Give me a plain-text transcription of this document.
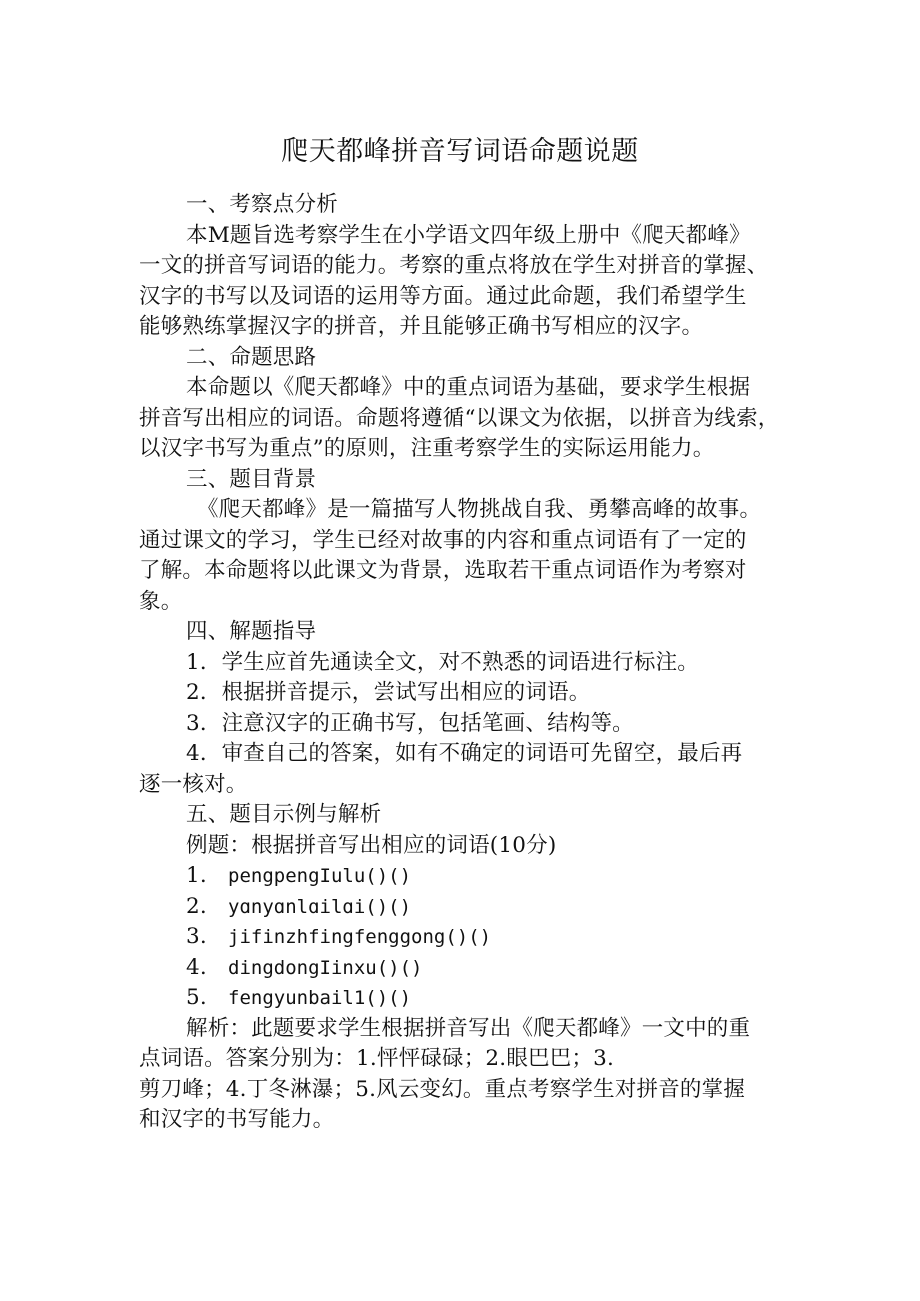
爬天都峰拼音写词语命题说题
一、考察点分析
本M题旨选考察学生在小学语文四年级上册中《爬天都峰》
一文的拼音写词语的能力。考察的重点将放在学生对拼音的掌握、
汉字的书写以及词语的运用等方面。通过此命题，我们希望学生
能够熟练掌握汉字的拼音，并且能够正确书写相应的汉字。
二、命题思路
本命题以《爬天都峰》中的重点词语为基础，要求学生根据
拼音写出相应的词语。命题将遵循“以课文为依据，以拼音为线索，
以汉字书写为重点”的原则，注重考察学生的实际运用能力。
三、题目背景
《爬天都峰》是一篇描写人物挑战自我、勇攀高峰的故事。
通过课文的学习，学生已经对故事的内容和重点词语有了一定的
了解。本命题将以此课文为背景，选取若干重点词语作为考察对
象。
四、解题指导
1．学生应首先通读全文，对不熟悉的词语进行标注。
2．根据拼音提示，尝试写出相应的词语。
3．注意汉字的正确书写，包括笔画、结构等。
4．审查自己的答案，如有不确定的词语可先留空，最后再
逐一核对。
五、题目示例与解析
例题：根据拼音写出相应的词语(10分)
1. pengpengIulu()()
2. yɑnyɑnlɑilɑi()()
3. jifinzhfingfenggong()()
4. dingdongIinxu()()
5. fengyunbail1()()
解析：此题要求学生根据拼音写出《爬天都峰》一文中的重
点词语。答案分别为：1.怦怦碌碌；2.眼巴巴；3.
剪刀峰；4.丁冬淋瀑；5.风云变幻。重点考察学生对拼音的掌握
和汉字的书写能力。
